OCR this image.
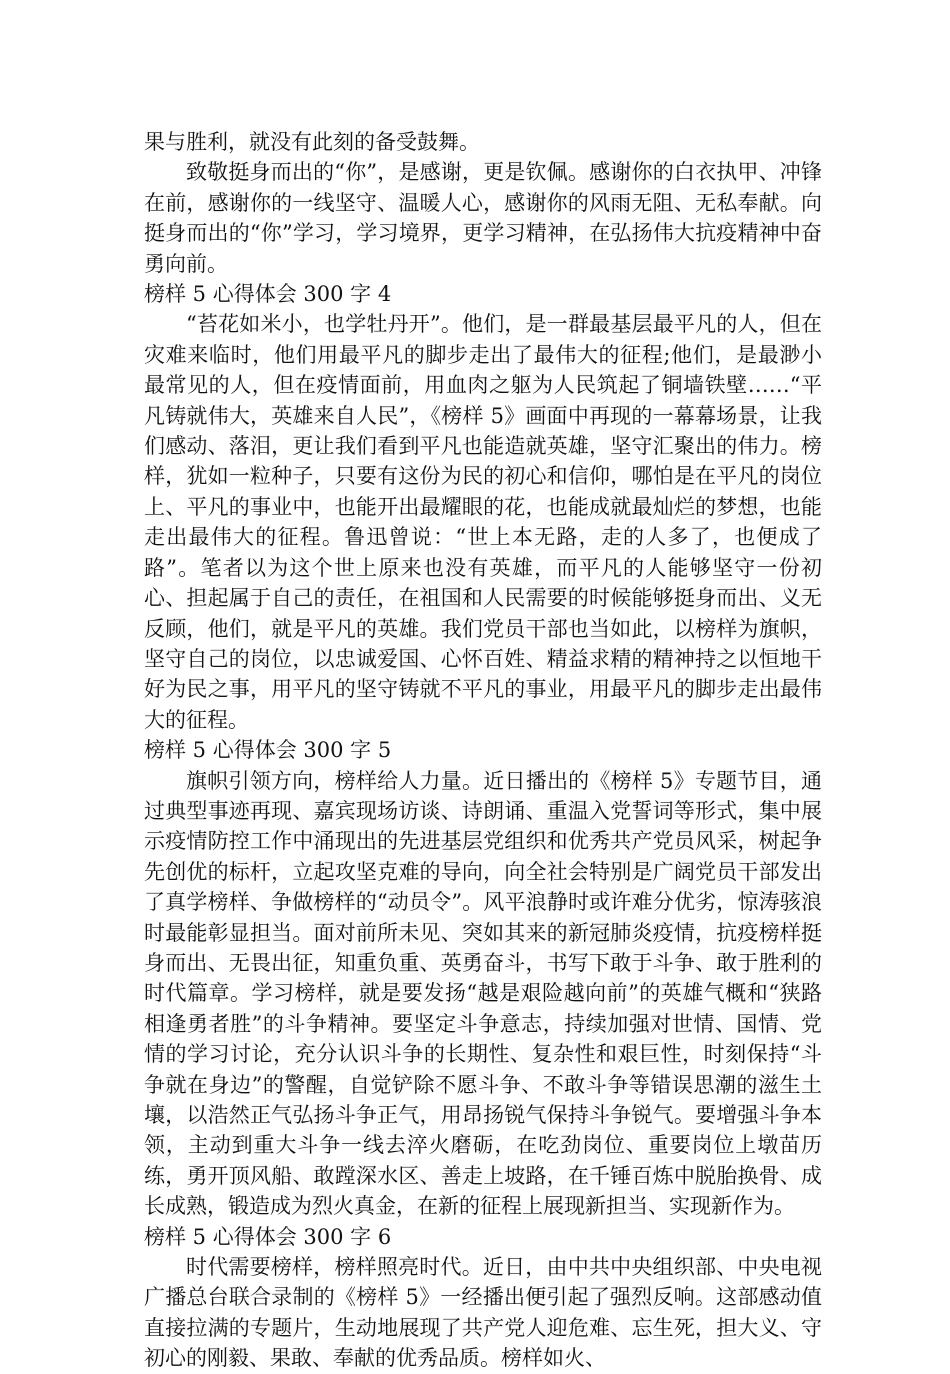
果与胜利，就没有此刻的备受鼓舞。

致敬挺身而出的“你”，是感谢，更是钦佩。感谢你的白衣执甲、冲锋在前，感谢你的一线坚守、温暖人心，感谢你的风雨无阻、无私奉献。向挺身而出的“你”学习，学习境界，更学习精神，在弘扬伟大抗疫精神中奋勇向前。

榜样 5 心得体会 300 字 4

“苔花如米小，也学牡丹开”。他们，是一群最基层最平凡的人，但在灾难来临时，他们用最平凡的脚步走出了最伟大的征程;他们，是最渺小最常见的人，但在疫情面前，用血肉之躯为人民筑起了铜墙铁壁……“平凡铸就伟大，英雄来自人民”，《榜样 5》画面中再现的一幕幕场景，让我们感动、落泪，更让我们看到平凡也能造就英雄，坚守汇聚出的伟力。榜样，犹如一粒种子，只要有这份为民的初心和信仰，哪怕是在平凡的岗位上、平凡的事业中，也能开出最耀眼的花，也能成就最灿烂的梦想，也能走出最伟大的征程。鲁迅曾说：“世上本无路，走的人多了，也便成了路”。笔者以为这个世上原来也没有英雄，而平凡的人能够坚守一份初心、担起属于自己的责任，在祖国和人民需要的时候能够挺身而出、义无反顾，他们，就是平凡的英雄。我们党员干部也当如此，以榜样为旗帜，坚守自己的岗位，以忠诚爱国、心怀百姓、精益求精的精神持之以恒地干好为民之事，用平凡的坚守铸就不平凡的事业，用最平凡的脚步走出最伟大的征程。

榜样 5 心得体会 300 字 5

旗帜引领方向，榜样给人力量。近日播出的《榜样 5》专题节目，通过典型事迹再现、嘉宾现场访谈、诗朗诵、重温入党誓词等形式，集中展示疫情防控工作中涌现出的先进基层党组织和优秀共产党员风采，树起争先创优的标杆，立起攻坚克难的导向，向全社会特别是广阔党员干部发出了真学榜样、争做榜样的“动员令”。风平浪静时或许难分优劣，惊涛骇浪时最能彰显担当。面对前所未见、突如其来的新冠肺炎疫情，抗疫榜样挺身而出、无畏出征，知重负重、英勇奋斗，书写下敢于斗争、敢于胜利的时代篇章。学习榜样，就是要发扬“越是艰险越向前”的英雄气概和“狭路相逢勇者胜”的斗争精神。要坚定斗争意志，持续加强对世情、国情、党情的学习讨论，充分认识斗争的长期性、复杂性和艰巨性，时刻保持“斗争就在身边”的警醒，自觉铲除不愿斗争、不敢斗争等错误思潮的滋生土壤，以浩然正气弘扬斗争正气，用昂扬锐气保持斗争锐气。要增强斗争本领，主动到重大斗争一线去淬火磨砺，在吃劲岗位、重要岗位上墩苗历练，勇开顶风船、敢蹚深水区、善走上坡路，在千锤百炼中脱胎换骨、成长成熟，锻造成为烈火真金，在新的征程上展现新担当、实现新作为。

榜样 5 心得体会 300 字 6

时代需要榜样，榜样照亮时代。近日，由中共中央组织部、中央电视广播总台联合录制的《榜样 5》一经播出便引起了强烈反响。这部感动值直接拉满的专题片，生动地展现了共产党人迎危难、忘生死，担大义、守初心的刚毅、果敢、奉献的优秀品质。榜样如火、
